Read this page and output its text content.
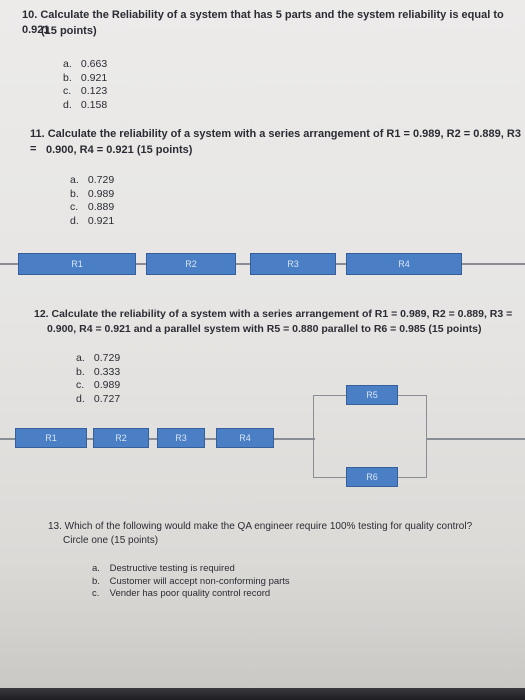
10. Calculate the Reliability of a system that has 5 parts and the system reliability is equal to 0.921
(15 points)
a. 0.663
b. 0.921
c. 0.123
d. 0.158
11. Calculate the reliability of a system with a series arrangement of R1 = 0.989, R2 = 0.889, R3 = 0.900, R4 = 0.921 (15 points)
a. 0.729
b. 0.989
c. 0.889
d. 0.921
R1	R2	R3	R4
12. Calculate the reliability of a system with a series arrangement of R1 = 0.989, R2 = 0.889, R3 =
0.900, R4 = 0.921 and a parallel system with R5 = 0.880 parallel to R6 = 0.985 (15 points)
a. 0.729
b. 0.333
c. 0.989
d. 0.727
R1	R2	R3	R4
R5
R6
13. Which of the following would make the QA engineer require 100% testing for quality control?
Circle one (15 points)
a. Destructive testing is required
b. Customer will accept non-conforming parts
c. Vender has poor quality control record
